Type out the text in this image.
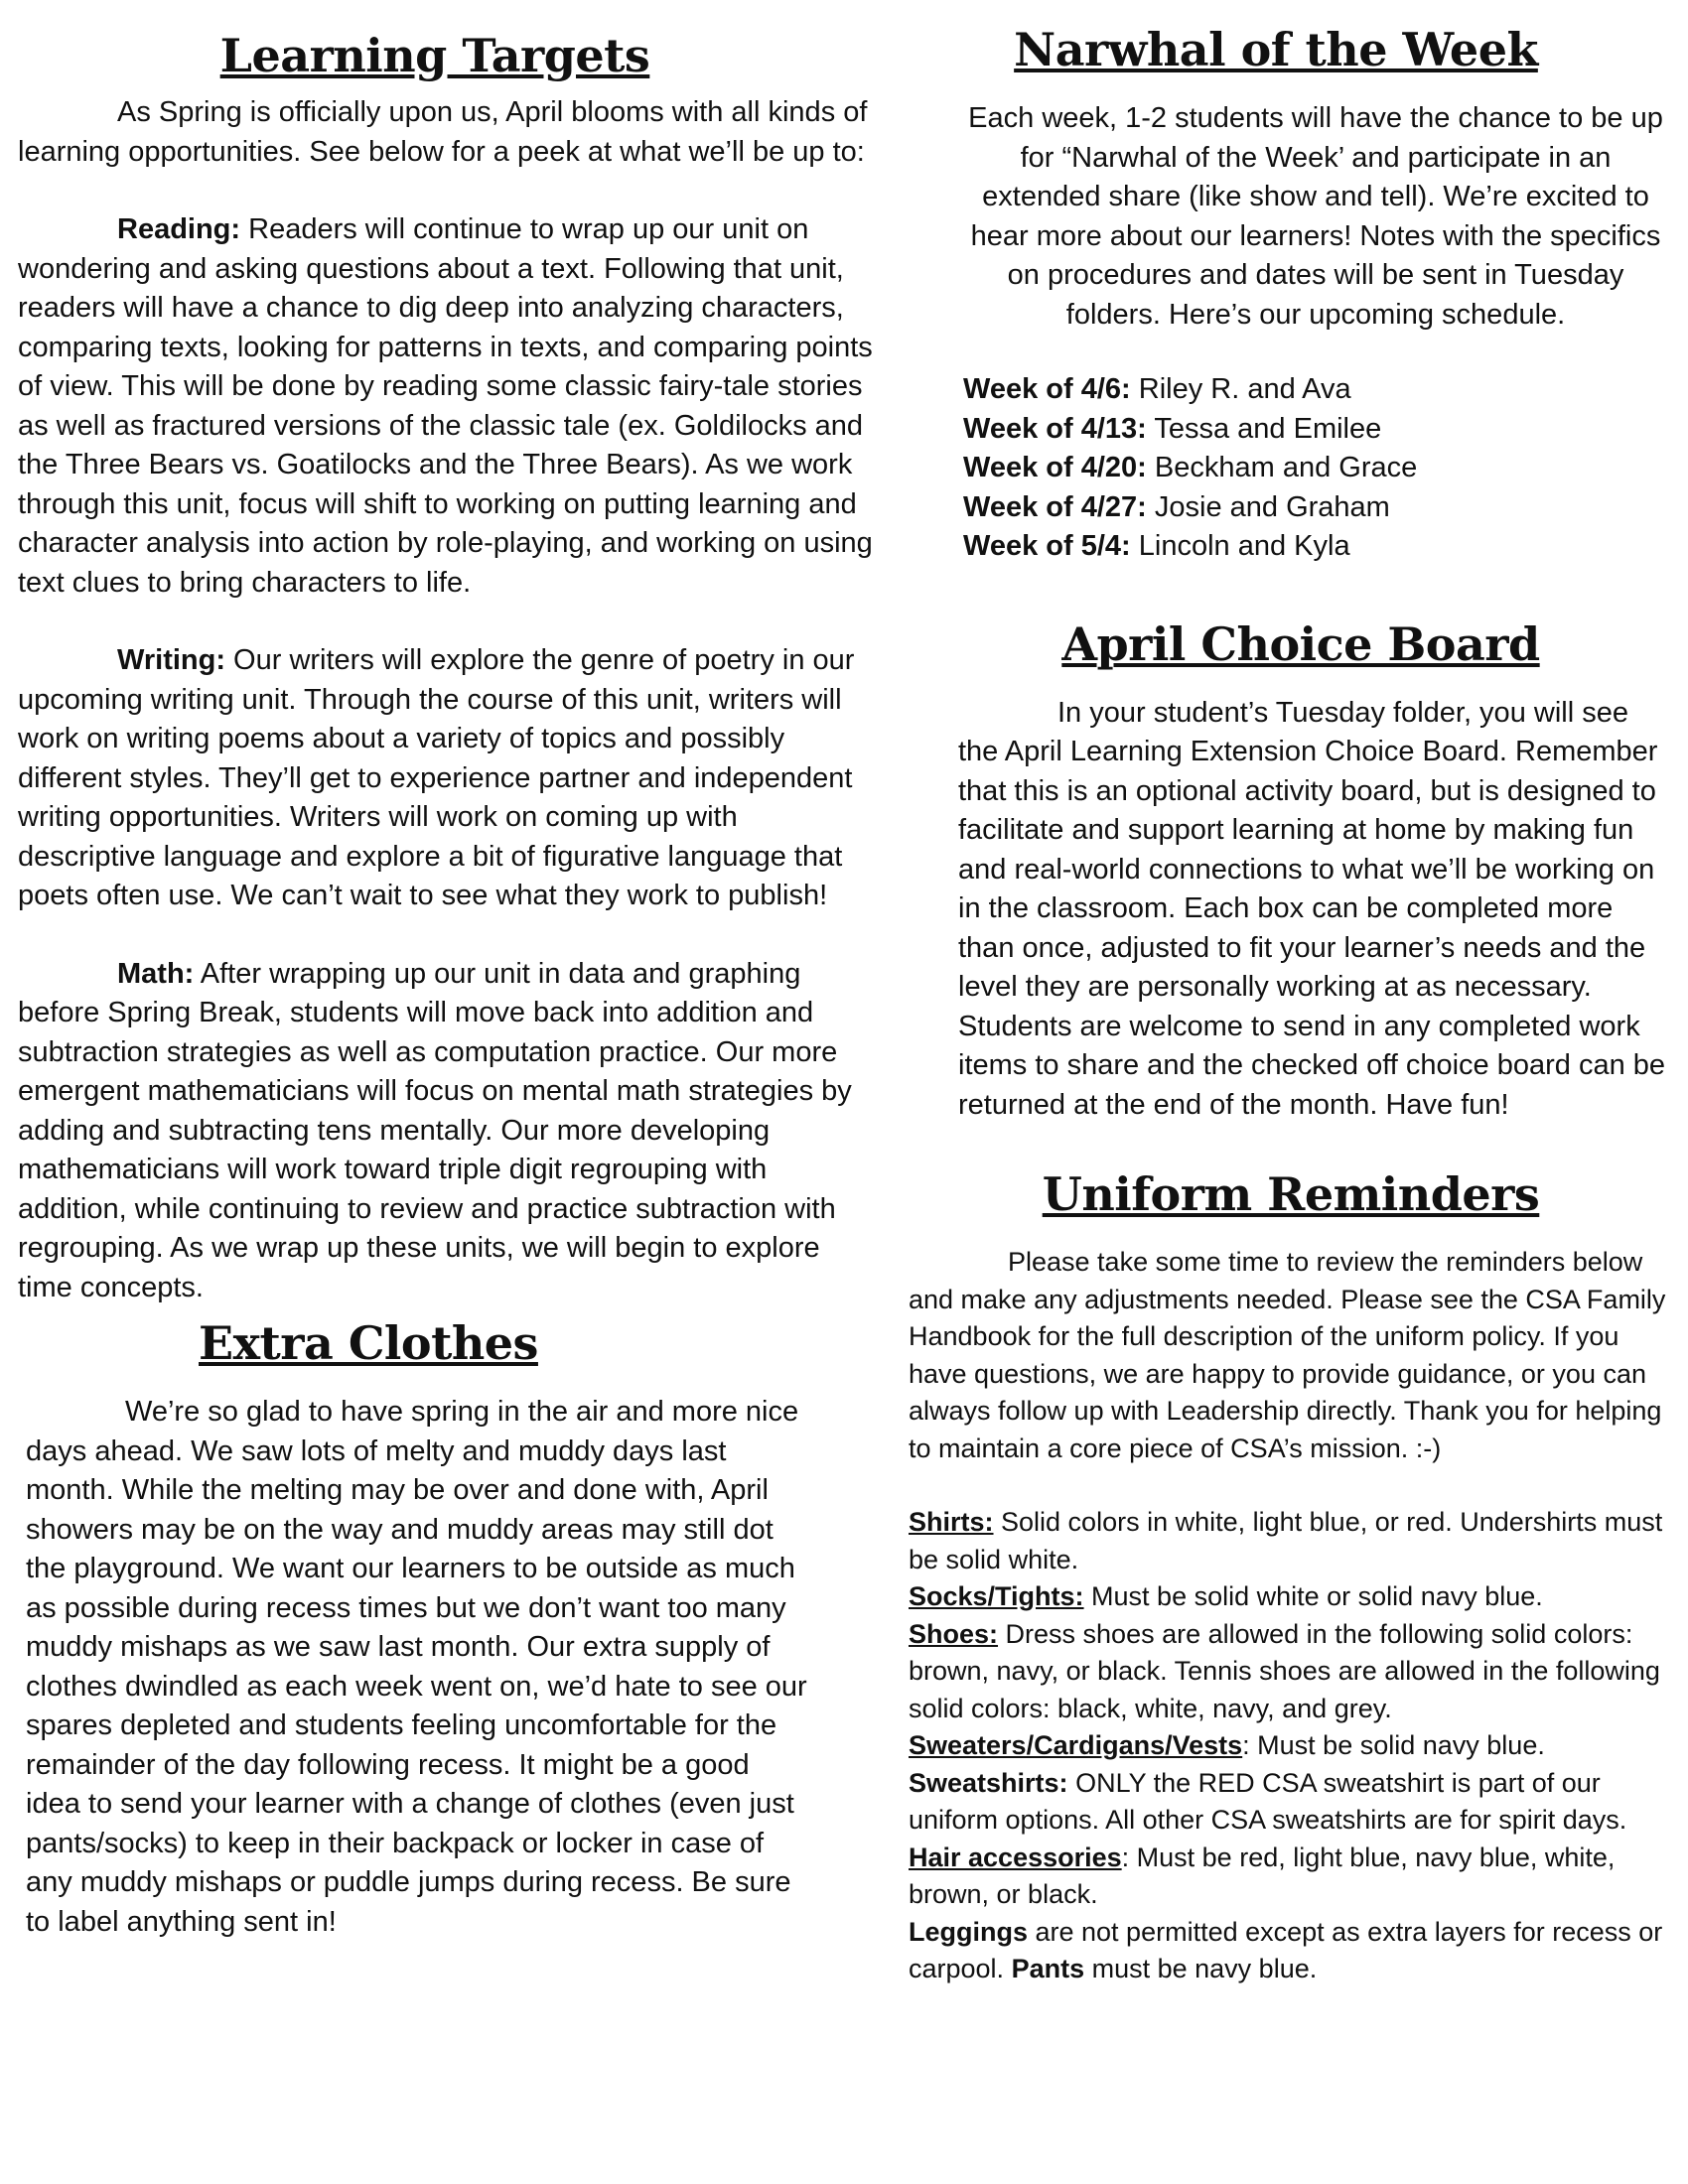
Learning Targets

As Spring is officially upon us, April blooms with all kinds of learning opportunities. See below for a peek at what we’ll be up to:

Reading: Readers will continue to wrap up our unit on wondering and asking questions about a text. Following that unit, readers will have a chance to dig deep into analyzing characters, comparing texts, looking for patterns in texts, and comparing points of view. This will be done by reading some classic fairy-tale stories as well as fractured versions of the classic tale (ex. Goldilocks and the Three Bears vs. Goatilocks and the Three Bears). As we work through this unit, focus will shift to working on putting learning and character analysis into action by role-playing, and working on using text clues to bring characters to life.

Writing: Our writers will explore the genre of poetry in our upcoming writing unit. Through the course of this unit, writers will work on writing poems about a variety of topics and possibly different styles. They’ll get to experience partner and independent writing opportunities. Writers will work on coming up with descriptive language and explore a bit of figurative language that poets often use. We can’t wait to see what they work to publish!

Math: After wrapping up our unit in data and graphing before Spring Break, students will move back into addition and subtraction strategies as well as computation practice. Our more emergent mathematicians will focus on mental math strategies by adding and subtracting tens mentally. Our more developing mathematicians will work toward triple digit regrouping with addition, while continuing to review and practice subtraction with regrouping. As we wrap up these units, we will begin to explore time concepts.

Extra Clothes

We’re so glad to have spring in the air and more nice days ahead. We saw lots of melty and muddy days last month. While the melting may be over and done with, April showers may be on the way and muddy areas may still dot the playground. We want our learners to be outside as much as possible during recess times but we don’t want too many muddy mishaps as we saw last month. Our extra supply of clothes dwindled as each week went on, we’d hate to see our spares depleted and students feeling uncomfortable for the remainder of the day following recess. It might be a good idea to send your learner with a change of clothes (even just pants/socks) to keep in their backpack or locker in case of any muddy mishaps or puddle jumps during recess. Be sure to label anything sent in!

Narwhal of the Week

Each week, 1-2 students will have the chance to be up for “Narwhal of the Week’ and participate in an extended share (like show and tell). We’re excited to hear more about our learners! Notes with the specifics on procedures and dates will be sent in Tuesday folders. Here’s our upcoming schedule.

Week of 4/6: Riley R. and Ava
Week of 4/13: Tessa and Emilee
Week of 4/20: Beckham and Grace
Week of 4/27: Josie and Graham
Week of 5/4: Lincoln and Kyla
April Choice Board

In your student’s Tuesday folder, you will see the April Learning Extension Choice Board. Remember that this is an optional activity board, but is designed to facilitate and support learning at home by making fun and real-world connections to what we’ll be working on in the classroom. Each box can be completed more than once, adjusted to fit your learner’s needs and the level they are personally working at as necessary. Students are welcome to send in any completed work items to share and the checked off choice board can be returned at the end of the month. Have fun!

Uniform Reminders

Please take some time to review the reminders below and make any adjustments needed. Please see the CSA Family Handbook for the full description of the uniform policy. If you have questions, we are happy to provide guidance, or you can always follow up with Leadership directly. Thank you for helping to maintain a core piece of CSA’s mission. :-)

Shirts: Solid colors in white, light blue, or red. Undershirts must be solid white.

Socks/Tights: Must be solid white or solid navy blue.

Shoes: Dress shoes are allowed in the following solid colors: brown, navy, or black. Tennis shoes are allowed in the following solid colors: black, white, navy, and grey.

Sweaters/Cardigans/Vests: Must be solid navy blue.

Sweatshirts: ONLY the RED CSA sweatshirt is part of our uniform options. All other CSA sweatshirts are for spirit days.

Hair accessories: Must be red, light blue, navy blue, white, brown, or black.

Leggings are not permitted except as extra layers for recess or carpool. Pants must be navy blue.
